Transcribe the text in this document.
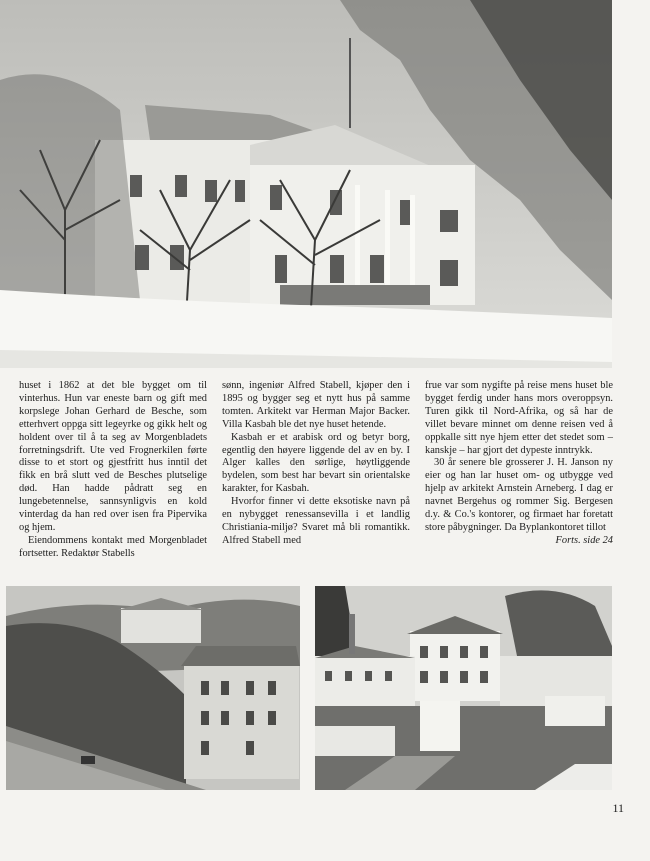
huset i 1862 at det ble bygget om til vinterhus. Hun var eneste barn og gift med korpslege Johan Gerhard de Besche, som etterhvert oppga sitt legeyrke og gikk helt og holdent over til å ta seg av Morgenbladets forretningsdrift. Ute ved Frognerkilen førte disse to et stort og gjestfritt hus inntil det fikk en brå slutt ved de Besches plutselige død. Han hadde pådratt seg en lungebetennelse, sannsynligvis en kold vinterdag da han red over isen fra Pipervika og hjem.

Eiendommens kontakt med Morgenbladet fortsetter. Redaktør Stabells

sønn, ingeniør Alfred Stabell, kjøper den i 1895 og bygger seg et nytt hus på samme tomten. Arkitekt var Herman Major Backer. Villa Kasbah ble det nye huset hetende.

Kasbah er et arabisk ord og betyr borg, egentlig den høyere liggende del av en by. I Alger kalles den sørlige, høytliggende bydelen, som best har bevart sin orientalske karakter, for Kasbah.

Hvorfor finner vi dette eksotiske navn på en nybygget renessansevilla i et landlig Christiania-miljø? Svaret må bli romantikk. Alfred Stabell med

frue var som nygifte på reise mens huset ble bygget ferdig under hans mors overoppsyn. Turen gikk til Nord-Afrika, og så har de villet bevare minnet om denne reisen ved å oppkalle sitt nye hjem etter det stedet som – kanskje – har gjort det dypeste inntrykk.

30 år senere ble grosserer J. H. Janson ny eier og han lar huset om- og utbygge ved hjelp av arkitekt Arnstein Arneberg. I dag er navnet Bergehus og rommer Sig. Bergesen d.y. & Co.'s kontorer, og firmaet har foretatt store påbygninger. Da Byplankontoret tillot

Forts. side 24

11
